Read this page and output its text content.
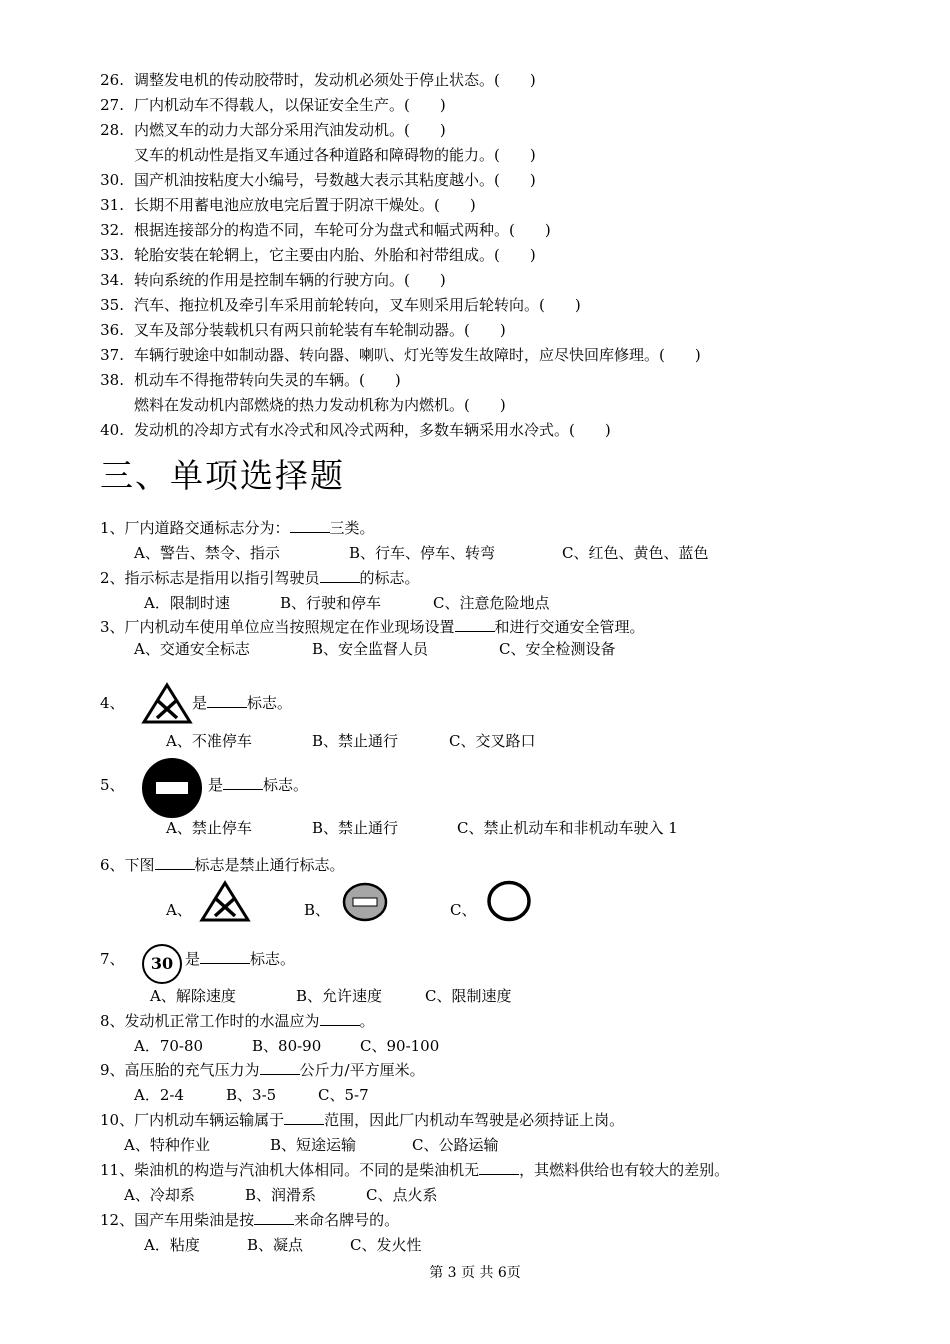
26. 调整发电机的传动胶带时，发动机必须处于停止状态。(　　)
27. 厂内机动车不得载人，以保证安全生产。(　　)
28. 内燃叉车的动力大部分采用汽油发动机。(　　)
叉车的机动性是指叉车通过各种道路和障碍物的能力。(　　)
30. 国产机油按粘度大小编号，号数越大表示其粘度越小。(　　)
31. 长期不用蓄电池应放电完后置于阴凉干燥处。(　　)
32. 根据连接部分的构造不同，车轮可分为盘式和幅式两种。(　　)
33. 轮胎安装在轮辋上，它主要由内胎、外胎和衬带组成。(　　)
34. 转向系统的作用是控制车辆的行驶方向。(　　)
35. 汽车、拖拉机及牵引车采用前轮转向，叉车则采用后轮转向。(　　)
36. 叉车及部分装载机只有两只前轮装有车轮制动器。(　　)
37. 车辆行驶途中如制动器、转向器、喇叭、灯光等发生故障时，应尽快回库修理。(　　)
38. 机动车不得拖带转向失灵的车辆。(　　)
燃料在发动机内部燃烧的热力发动机称为内燃机。(　　)
40. 发动机的冷却方式有水冷式和风冷式两种，多数车辆采用水冷式。(　　)
三、单项选择题
1、厂内道路交通标志分为：	三类。
A、警告、禁令、指示	B、行车、停车、转弯	C、红色、黄色、蓝色
2、指示标志是指用以指引驾驶员	的标志。
A．限制时速	B、行驶和停车	C、注意危险地点
3、厂内机动车使用单位应当按照规定在作业现场设置	和进行交通安全管理。
A、交通安全标志	B、安全监督人员	C、安全检测设备
4、	是	标志。
A、不准停车	B、禁止通行	C、交叉路口
5、	是	标志。
A、禁止停车	B、禁止通行	C、禁止机动车和非机动车驶入 1
6、下图	标志是禁止通行标志。
A、	B、	C、
7、	30 是	标志。
A、解除速度	B、允许速度	C、限制速度
8、发动机正常工作时的水温应为	。
A．70-80	B、80-90	C、90-100
9、高压胎的充气压力为	公斤力/平方厘米。
A．2-4	B、3-5	C、5-7
10、厂内机动车辆运输属于	范围，因此厂内机动车驾驶是必须持证上岗。
A、特种作业	B、短途运输	C、公路运输
11、柴油机的构造与汽油机大体相同。不同的是柴油机无	，其燃料供给也有较大的差别。
A、冷却系	B、润滑系	C、点火系
12、国产车用柴油是按	来命名牌号的。
A．粘度	B、凝点	C、发火性
第 3 页 共 6页
